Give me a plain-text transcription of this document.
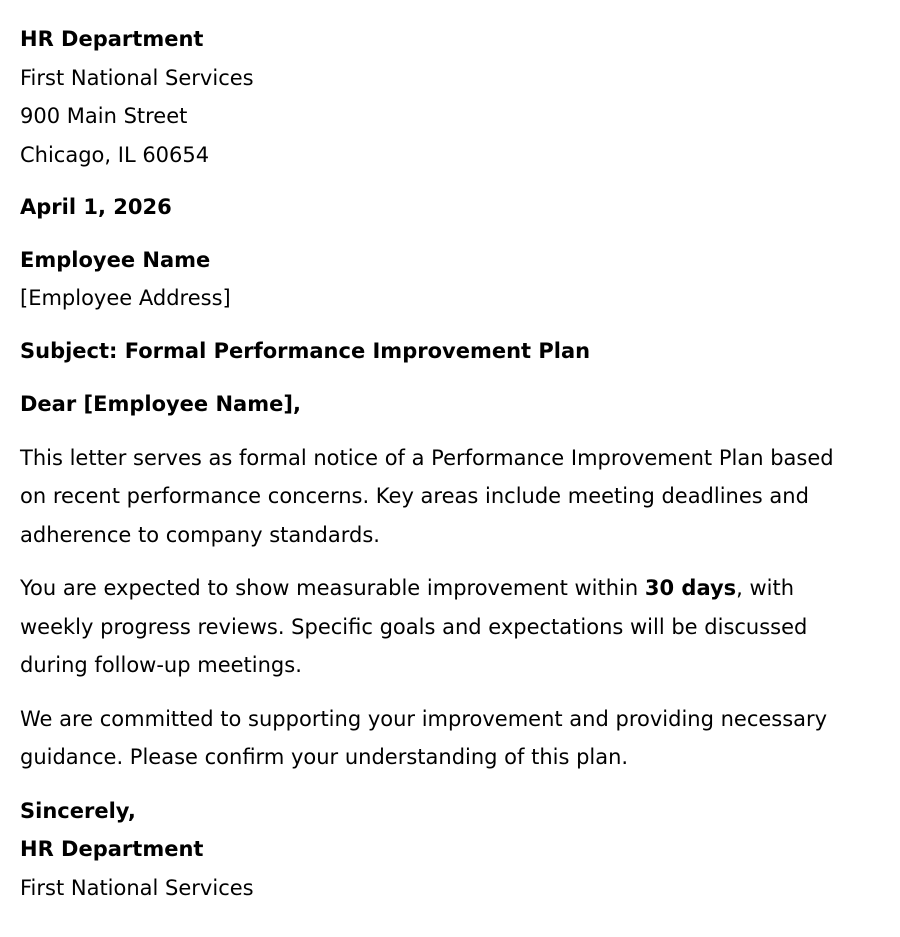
HR Department
First National Services
900 Main Street
Chicago, IL 60654
April 1, 2026
Employee Name
[Employee Address]
Subject: Formal Performance Improvement Plan
Dear [Employee Name],
This letter serves as formal notice of a Performance Improvement Plan based
on recent performance concerns. Key areas include meeting deadlines and
adherence to company standards.
You are expected to show measurable improvement within 30 days, with
weekly progress reviews. Specific goals and expectations will be discussed
during follow-up meetings.
We are committed to supporting your improvement and providing necessary
guidance. Please confirm your understanding of this plan.
Sincerely,
HR Department
First National Services
